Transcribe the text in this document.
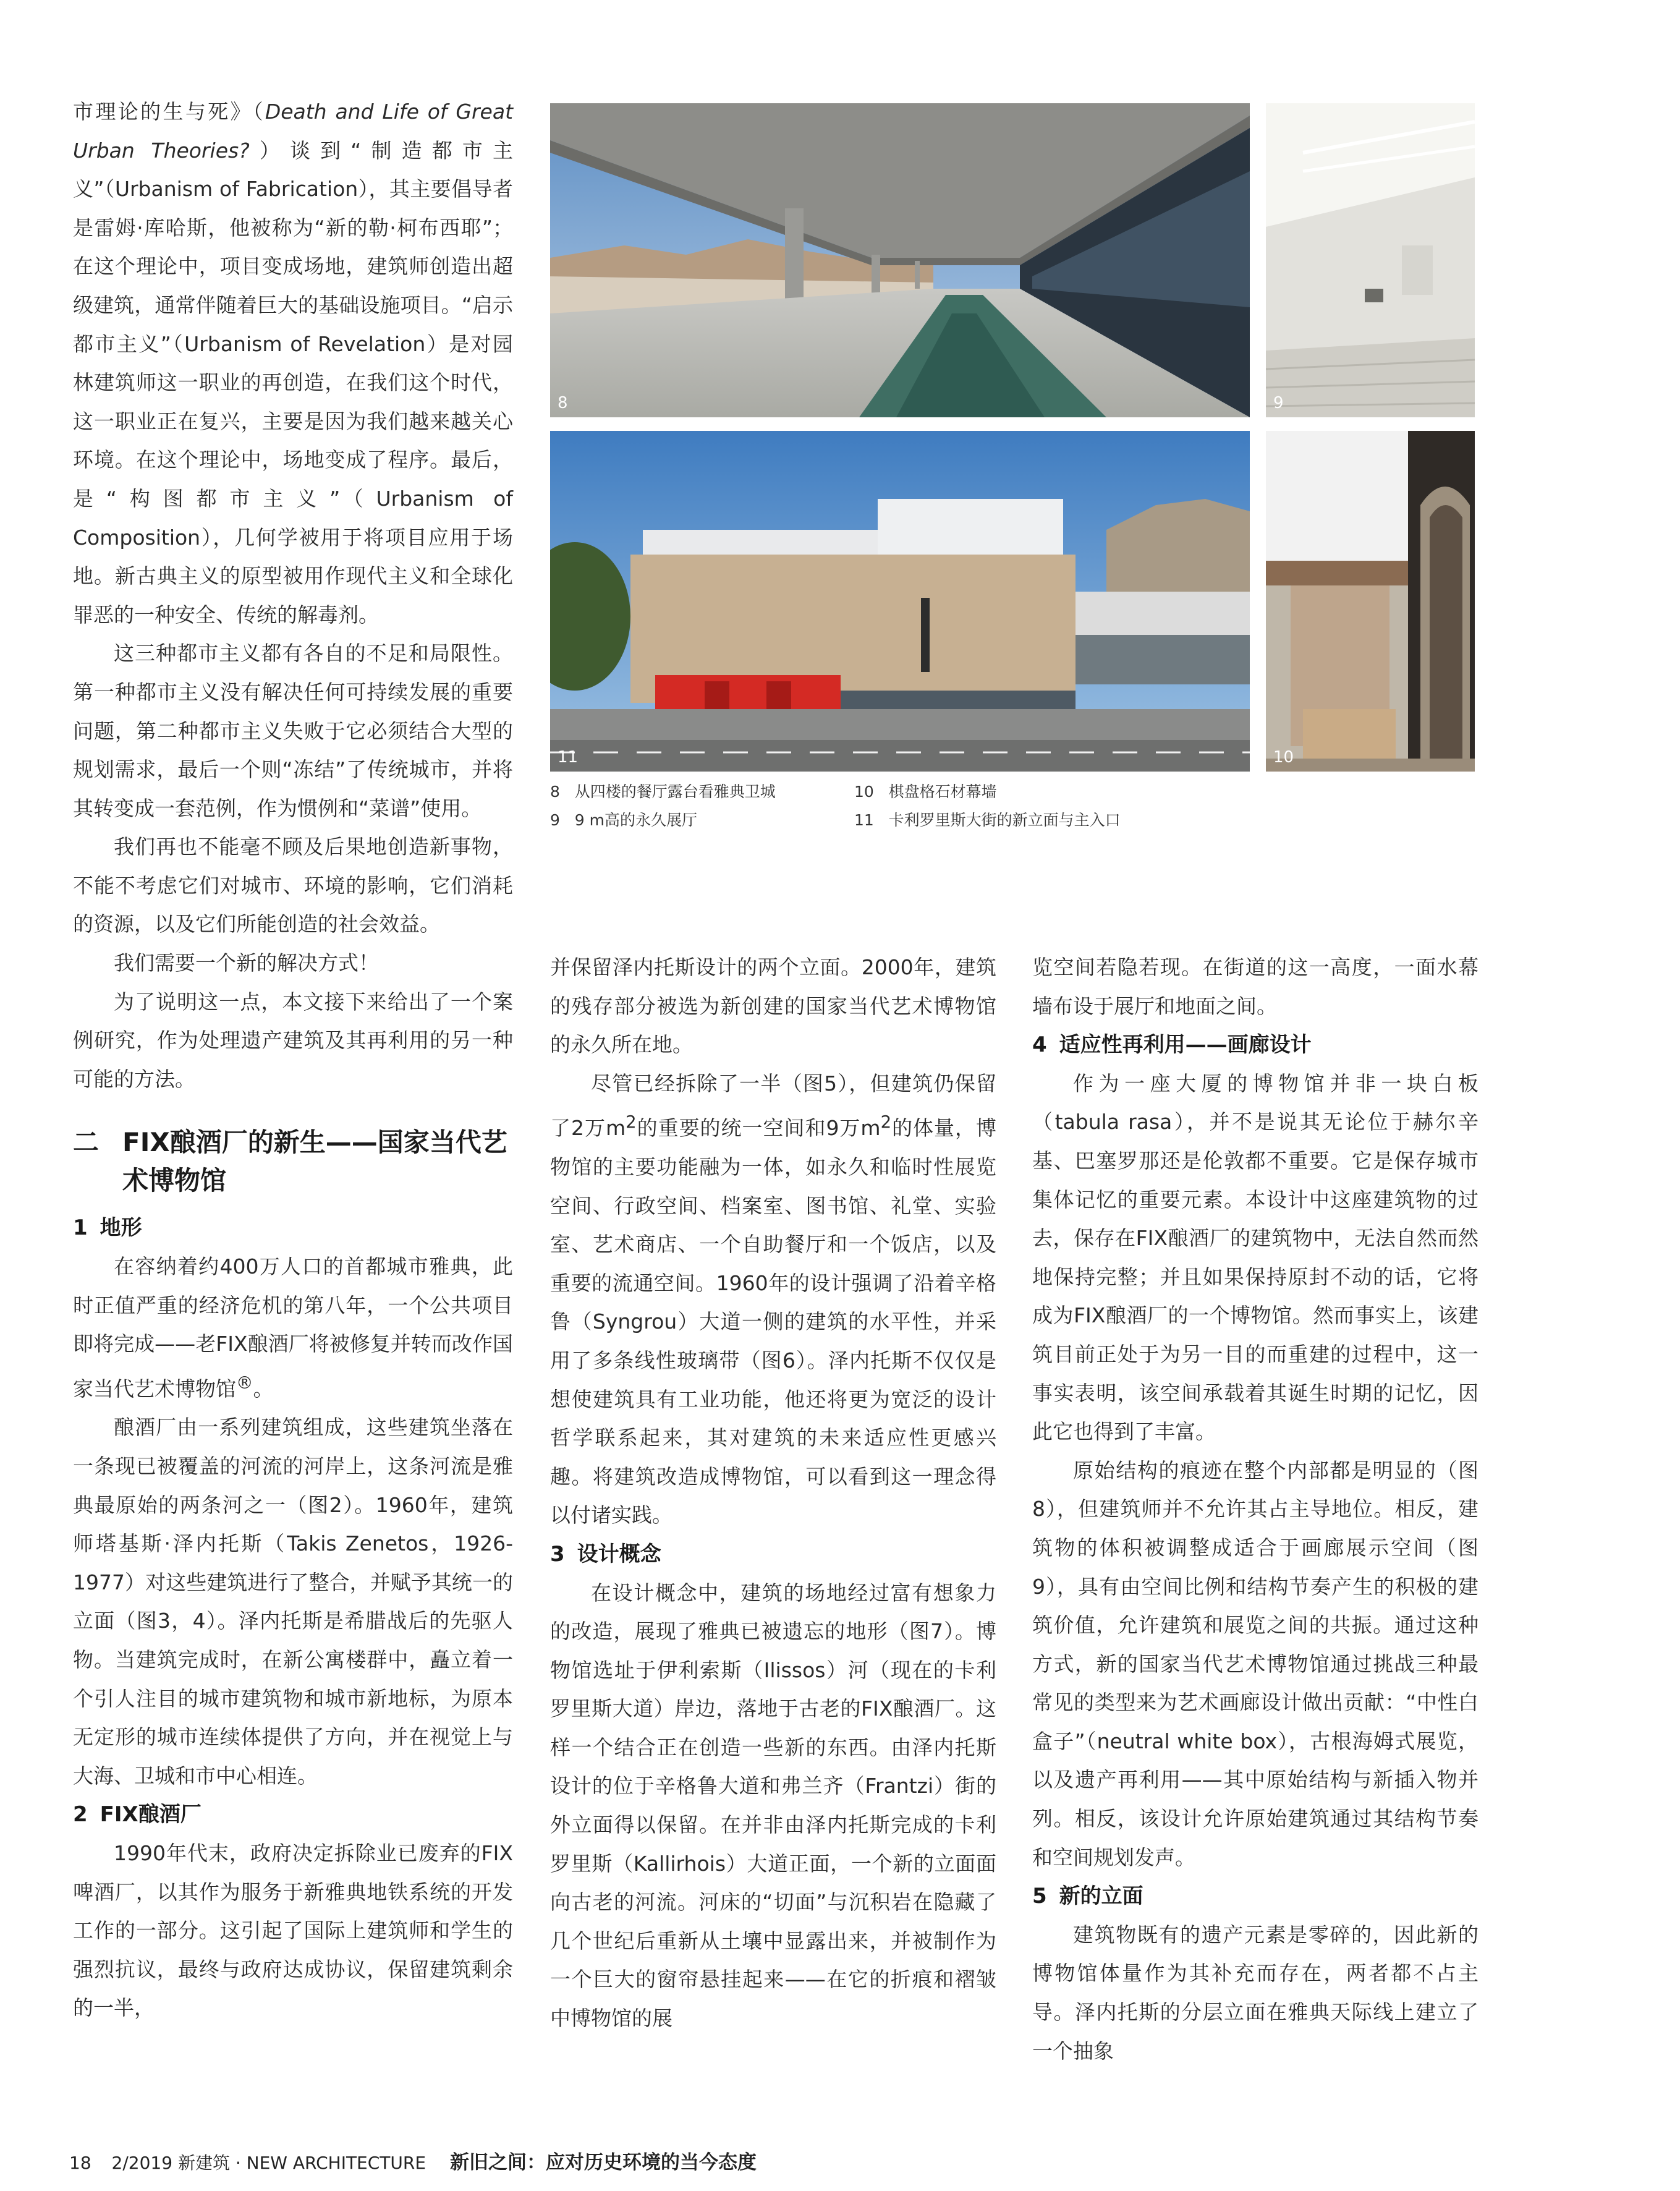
市理论的生与死》（Death and Life of Great Urban Theories?）谈到“制造都市主义”（Urbanism of Fabrication），其主要倡导者是雷姆·库哈斯，他被称为“新的勒·柯布西耶”；在这个理论中，项目变成场地，建筑师创造出超级建筑，通常伴随着巨大的基础设施项目。“启示都市主义”（Urbanism of Revelation）是对园林建筑师这一职业的再创造，在我们这个时代，这一职业正在复兴，主要是因为我们越来越关心环境。在这个理论中，场地变成了程序。最后，是“构图都市主义”（Urbanism of Composition），几何学被用于将项目应用于场地。新古典主义的原型被用作现代主义和全球化罪恶的一种安全、传统的解毒剂。

这三种都市主义都有各自的不足和局限性。第一种都市主义没有解决任何可持续发展的重要问题，第二种都市主义失败于它必须结合大型的规划需求，最后一个则“冻结”了传统城市，并将其转变成一套范例，作为惯例和“菜谱”使用。

我们再也不能毫不顾及后果地创造新事物，不能不考虑它们对城市、环境的影响，它们消耗的资源，以及它们所能创造的社会效益。

我们需要一个新的解决方式！

为了说明这一点，本文接下来给出了一个案例研究，作为处理遗产建筑及其再利用的另一种可能的方法。

二 FIX酿酒厂的新生——国家当代艺
术博物馆
1 地形

在容纳着约400万人口的首都城市雅典，此时正值严重的经济危机的第八年，一个公共项目即将完成——老FIX酿酒厂将被修复并转而改作国家当代艺术博物馆®。

酿酒厂由一系列建筑组成，这些建筑坐落在一条现已被覆盖的河流的河岸上，这条河流是雅典最原始的两条河之一（图2）。1960年，建筑师塔基斯·泽内托斯（Takis Zenetos，1926-1977）对这些建筑进行了整合，并赋予其统一的立面（图3，4）。泽内托斯是希腊战后的先驱人物。当建筑完成时，在新公寓楼群中，矗立着一个引人注目的城市建筑物和城市新地标，为原本无定形的城市连续体提供了方向，并在视觉上与大海、卫城和市中心相连。

2 FIX酿酒厂

1990年代末，政府决定拆除业已废弃的FIX啤酒厂，以其作为服务于新雅典地铁系统的开发工作的一部分。这引起了国际上建筑师和学生的强烈抗议，最终与政府达成协议，保留建筑剩余的一半，

并保留泽内托斯设计的两个立面。2000年，建筑的残存部分被选为新创建的国家当代艺术博物馆的永久所在地。

尽管已经拆除了一半（图5），但建筑仍保留了2万$m^2$的重要的统一空间和9万$m^2$的体量，博物馆的主要功能融为一体，如永久和临时性展览空间、行政空间、档案室、图书馆、礼堂、实验室、艺术商店、一个自助餐厅和一个饭店，以及重要的流通空间。1960年的设计强调了沿着辛格鲁（Syngrou）大道一侧的建筑的水平性，并采用了多条线性玻璃带（图6）。泽内托斯不仅仅是想使建筑具有工业功能，他还将更为宽泛的设计哲学联系起来，其对建筑的未来适应性更感兴趣。将建筑改造成博物馆，可以看到这一理念得以付诸实践。

3 设计概念

在设计概念中，建筑的场地经过富有想象力的改造，展现了雅典已被遗忘的地形（图7）。博物馆选址于伊利索斯（Ilissos）河（现在的卡利罗里斯大道）岸边，落地于古老的FIX酿酒厂。这样一个结合正在创造一些新的东西。由泽内托斯设计的位于辛格鲁大道和弗兰齐（Frantzi）街的外立面得以保留。在并非由泽内托斯完成的卡利罗里斯（Kallirhois）大道正面，一个新的立面面向古老的河流。河床的“切面”与沉积岩在隐藏了几个世纪后重新从土壤中显露出来，并被制作为一个巨大的窗帘悬挂起来——在它的折痕和褶皱中博物馆的展

览空间若隐若现。在街道的这一高度，一面水幕墙布设于展厅和地面之间。

4 适应性再利用——画廊设计

作为一座大厦的博物馆并非一块白板（tabula rasa），并不是说其无论位于赫尔辛基、巴塞罗那还是伦敦都不重要。它是保存城市集体记忆的重要元素。本设计中这座建筑物的过去，保存在FIX酿酒厂的建筑物中，无法自然而然地保持完整；并且如果保持原封不动的话，它将成为FIX酿酒厂的一个博物馆。然而事实上，该建筑目前正处于为另一目的而重建的过程中，这一事实表明，该空间承载着其诞生时期的记忆，因此它也得到了丰富。

原始结构的痕迹在整个内部都是明显的（图8），但建筑师并不允许其占主导地位。相反，建筑物的体积被调整成适合于画廊展示空间（图9），具有由空间比例和结构节奏产生的积极的建筑价值，允许建筑和展览之间的共振。通过这种方式，新的国家当代艺术博物馆通过挑战三种最常见的类型来为艺术画廊设计做出贡献：“中性白盒子”（neutral white box），古根海姆式展览，以及遗产再利用——其中原始结构与新插入物并列。相反，该设计允许原始建筑通过其结构节奏和空间规划发声。

5 新的立面

建筑物既有的遗产元素是零碎的，因此新的博物馆体量作为其补充而存在，两者都不占主导。泽内托斯的分层立面在雅典天际线上建立了一个抽象

8	9
11	10
8 从四楼的餐厅露台看雅典卫城
9 9 m高的永久展厅
10 棋盘格石材幕墙
11 卡利罗里斯大街的新立面与主入口
18 2/2019 新建筑 · NEW ARCHITECTURE 新旧之间：应对历史环境的当今态度
